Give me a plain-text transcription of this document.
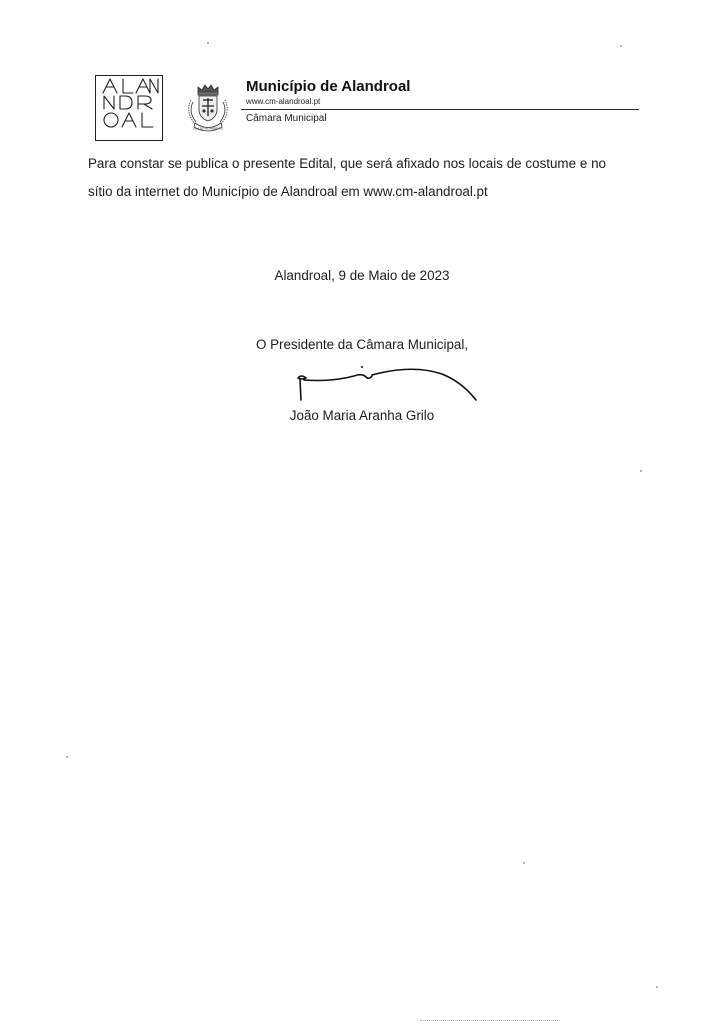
VILA DO ALANDROAL
Município de Alandroal
www.cm-alandroal.pt
Câmara Municipal

Para constar se publica o presente Edital, que será afixado nos locais de costume e no sítio da internet do Município de Alandroal em www.cm-alandroal.pt

Alandroal, 9 de Maio de 2023
O Presidente da Câmara Municipal,
João Maria Aranha Grilo
